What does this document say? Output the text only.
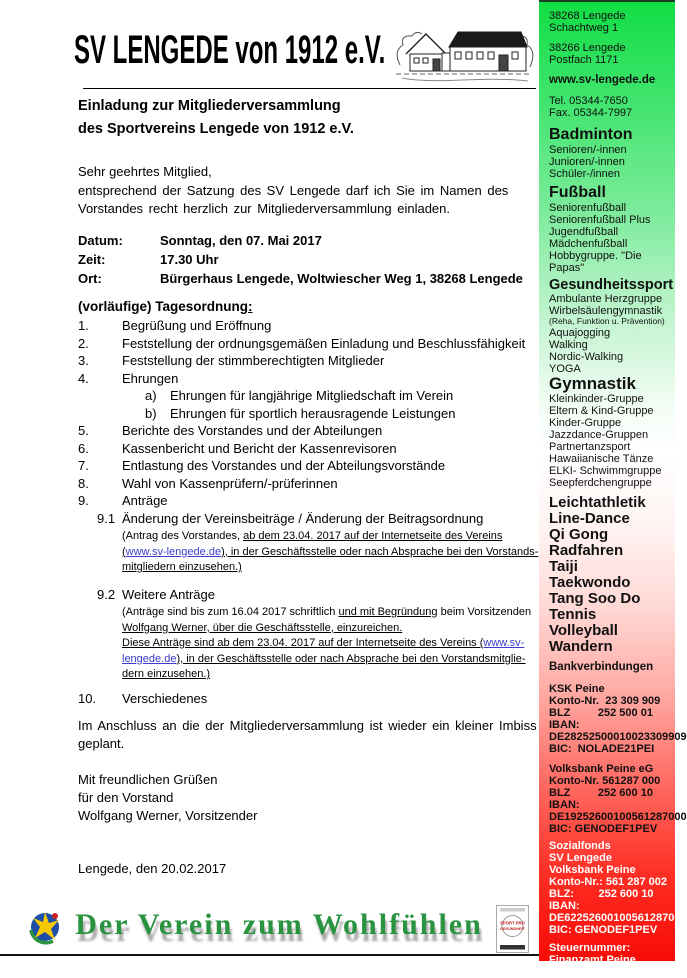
SV LENGEDE von 1912 e.V.
Einladung zur Mitgliederversammlung
des Sportvereins Lengede von 1912 e.V.
Sehr geehrtes Mitglied,
entsprechend der Satzung des SV Lengede darf ich Sie im Namen des
Vorstandes recht herzlich zur Mitgliederversammlung einladen.
Datum:	Sonntag, den 07. Mai 2017
Zeit:	17.30 Uhr
Ort:	Bürgerhaus Lengede, Woltwiescher Weg 1, 38268 Lengede
(vorläufige) Tagesordnung:
1.	Begrüßung und Eröffnung
2.	Feststellung der ordnungsgemäßen Einladung und Beschlussfähigkeit
3.	Feststellung der stimmberechtigten Mitglieder
4.	Ehrungen
a) Ehrungen für langjährige Mitgliedschaft im Verein
b) Ehrungen für sportlich herausragende Leistungen
5.	Berichte des Vorstandes und der Abteilungen
6.	Kassenbericht und Bericht der Kassenrevisoren
7.	Entlastung des Vorstandes und der Abteilungsvorstände
8.	Wahl von Kassenprüfern/-prüferinnen
9.	Anträge
9.1 Änderung der Vereinsbeiträge / Änderung der Beitragsordnung
(Antrag des Vorstandes, ab dem 23.04. 2017 auf der Internetseite des Vereins
(www.sv-lengede.de), in der Geschäftsstelle oder nach Absprache bei den Vorstands-
mitgliedern einzusehen.)
9.2 Weitere Anträge
(Anträge sind bis zum 16.04 2017 schriftlich und mit Begründung beim Vorsitzenden
Wolfgang Werner, über die Geschäftsstelle, einzureichen.
Diese Anträge sind ab dem 23.04. 2017 auf der Internetseite des Vereins (www.sv-
lengede.de), in der Geschäftsstelle oder nach Absprache bei den Vorstandsmitglie-
dern einzusehen.)
10. Verschiedenes
Im Anschluss an die der Mitgliederversammlung ist wieder ein kleiner Imbiss
geplant.
Mit freundlichen Grüßen
für den Vorstand
Wolfgang Werner, Vorsitzender
Lengede, den 20.02.2017
Der Verein zum Wohlfühlen	SPORT PRO
GESUNDHEIT
38268 Lengede
Schachtweg 1
38266 Lengede
Postfach 1171
www.sv-lengede.de
Tel. 05344-7650
Fax. 05344-7997
Badminton
Senioren/-innen
Junioren/-innen
Schüler-/innen
Fußball
Seniorenfußball
Seniorenfußball Plus
Jugendfußball
Mädchenfußball
Hobbygruppe. "Die Papas"
Gesundheitssport
Ambulante Herzgruppe
Wirbelsäulengymnastik
(Reha, Funktion u. Prävention)
Aquajogging
Walking
Nordic-Walking
YOGA
Gymnastik
Kleinkinder-Gruppe
Eltern & Kind-Gruppe
Kinder-Gruppe
Jazzdance-Gruppen
Partnertanzsport
Hawaiianische Tänze
ELKI- Schwimmgruppe
Seepferdchengruppe
Leichtathletik
Line-Dance
Qi Gong
Radfahren
Taiji
Taekwondo
Tang Soo Do
Tennis
Volleyball
Wandern
Bankverbindungen
KSK Peine
Konto-Nr.  23 309 909
BLZ         252 500 01
IBAN:
DE28252500010023309909
BIC:  NOLADE21PEI
Volksbank Peine eG
Konto-Nr. 561287 000
BLZ         252 600 10
IBAN:
DE19252600100561287000
BIC: GENODEF1PEV
Sozialfonds
SV Lengede
Volksbank Peine
Konto-Nr.: 561 287 002
BLZ:        252 600 10
IBAN:
DE62252600100561287002
BIC: GENODEF1PEV
Steuernummer:
Finanzamt Peine
38/202/00357
